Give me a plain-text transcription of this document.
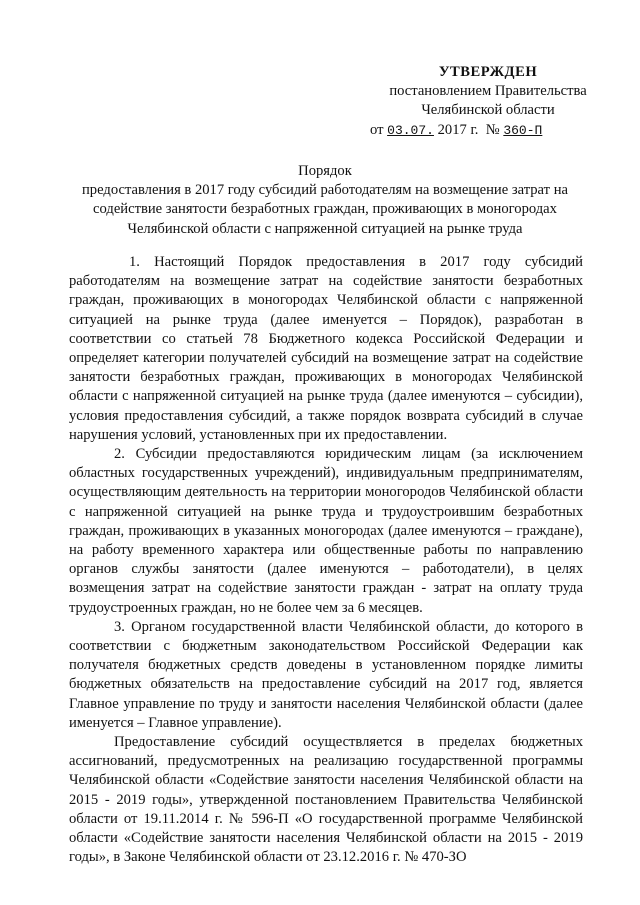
УТВЕРЖДЕН
постановлением Правительства
Челябинской области
от 03.07. 2017 г. № 360-П
Порядок
предоставления в 2017 году субсидий работодателям на возмещение затрат на содействие занятости безработных граждан, проживающих в моногородах Челябинской области с напряженной ситуацией на рынке труда

1. Настоящий Порядок предоставления в 2017 году субсидий работодателям на возмещение затрат на содействие занятости безработных граждан, проживающих в моногородах Челябинской области с напряженной ситуацией на рынке труда (далее именуется – Порядок), разработан в соответствии со статьей 78 Бюджетного кодекса Российской Федерации и определяет категории получателей субсидий на возмещение затрат на содействие занятости безработных граждан, проживающих в моногородах Челябинской области с напряженной ситуацией на рынке труда (далее именуются – субсидии), условия предоставления субсидий, а также порядок возврата субсидий в случае нарушения условий, установленных при их предоставлении.

2. Субсидии предоставляются юридическим лицам (за исключением областных государственных учреждений), индивидуальным предпринимателям, осуществляющим деятельность на территории моногородов Челябинской области с напряженной ситуацией на рынке труда и трудоустроившим безработных граждан, проживающих в указанных моногородах (далее именуются – граждане), на работу временного характера или общественные работы по направлению органов службы занятости (далее именуются – работодатели), в целях возмещения затрат на содействие занятости граждан - затрат на оплату труда трудоустроенных граждан, но не более чем за 6 месяцев.

3. Органом государственной власти Челябинской области, до которого в соответствии с бюджетным законодательством Российской Федерации как получателя бюджетных средств доведены в установленном порядке лимиты бюджетных обязательств на предоставление субсидий на 2017 год, является Главное управление по труду и занятости населения Челябинской области (далее именуется – Главное управление).

Предоставление субсидий осуществляется в пределах бюджетных ассигнований, предусмотренных на реализацию государственной программы Челябинской области «Содействие занятости населения Челябинской области на 2015 - 2019 годы», утвержденной постановлением Правительства Челябинской области от 19.11.2014 г. № 596-П «О государственной программе Челябинской области «Содействие занятости населения Челябинской области на 2015 - 2019 годы», в Законе Челябинской области от 23.12.2016 г. № 470-ЗО
